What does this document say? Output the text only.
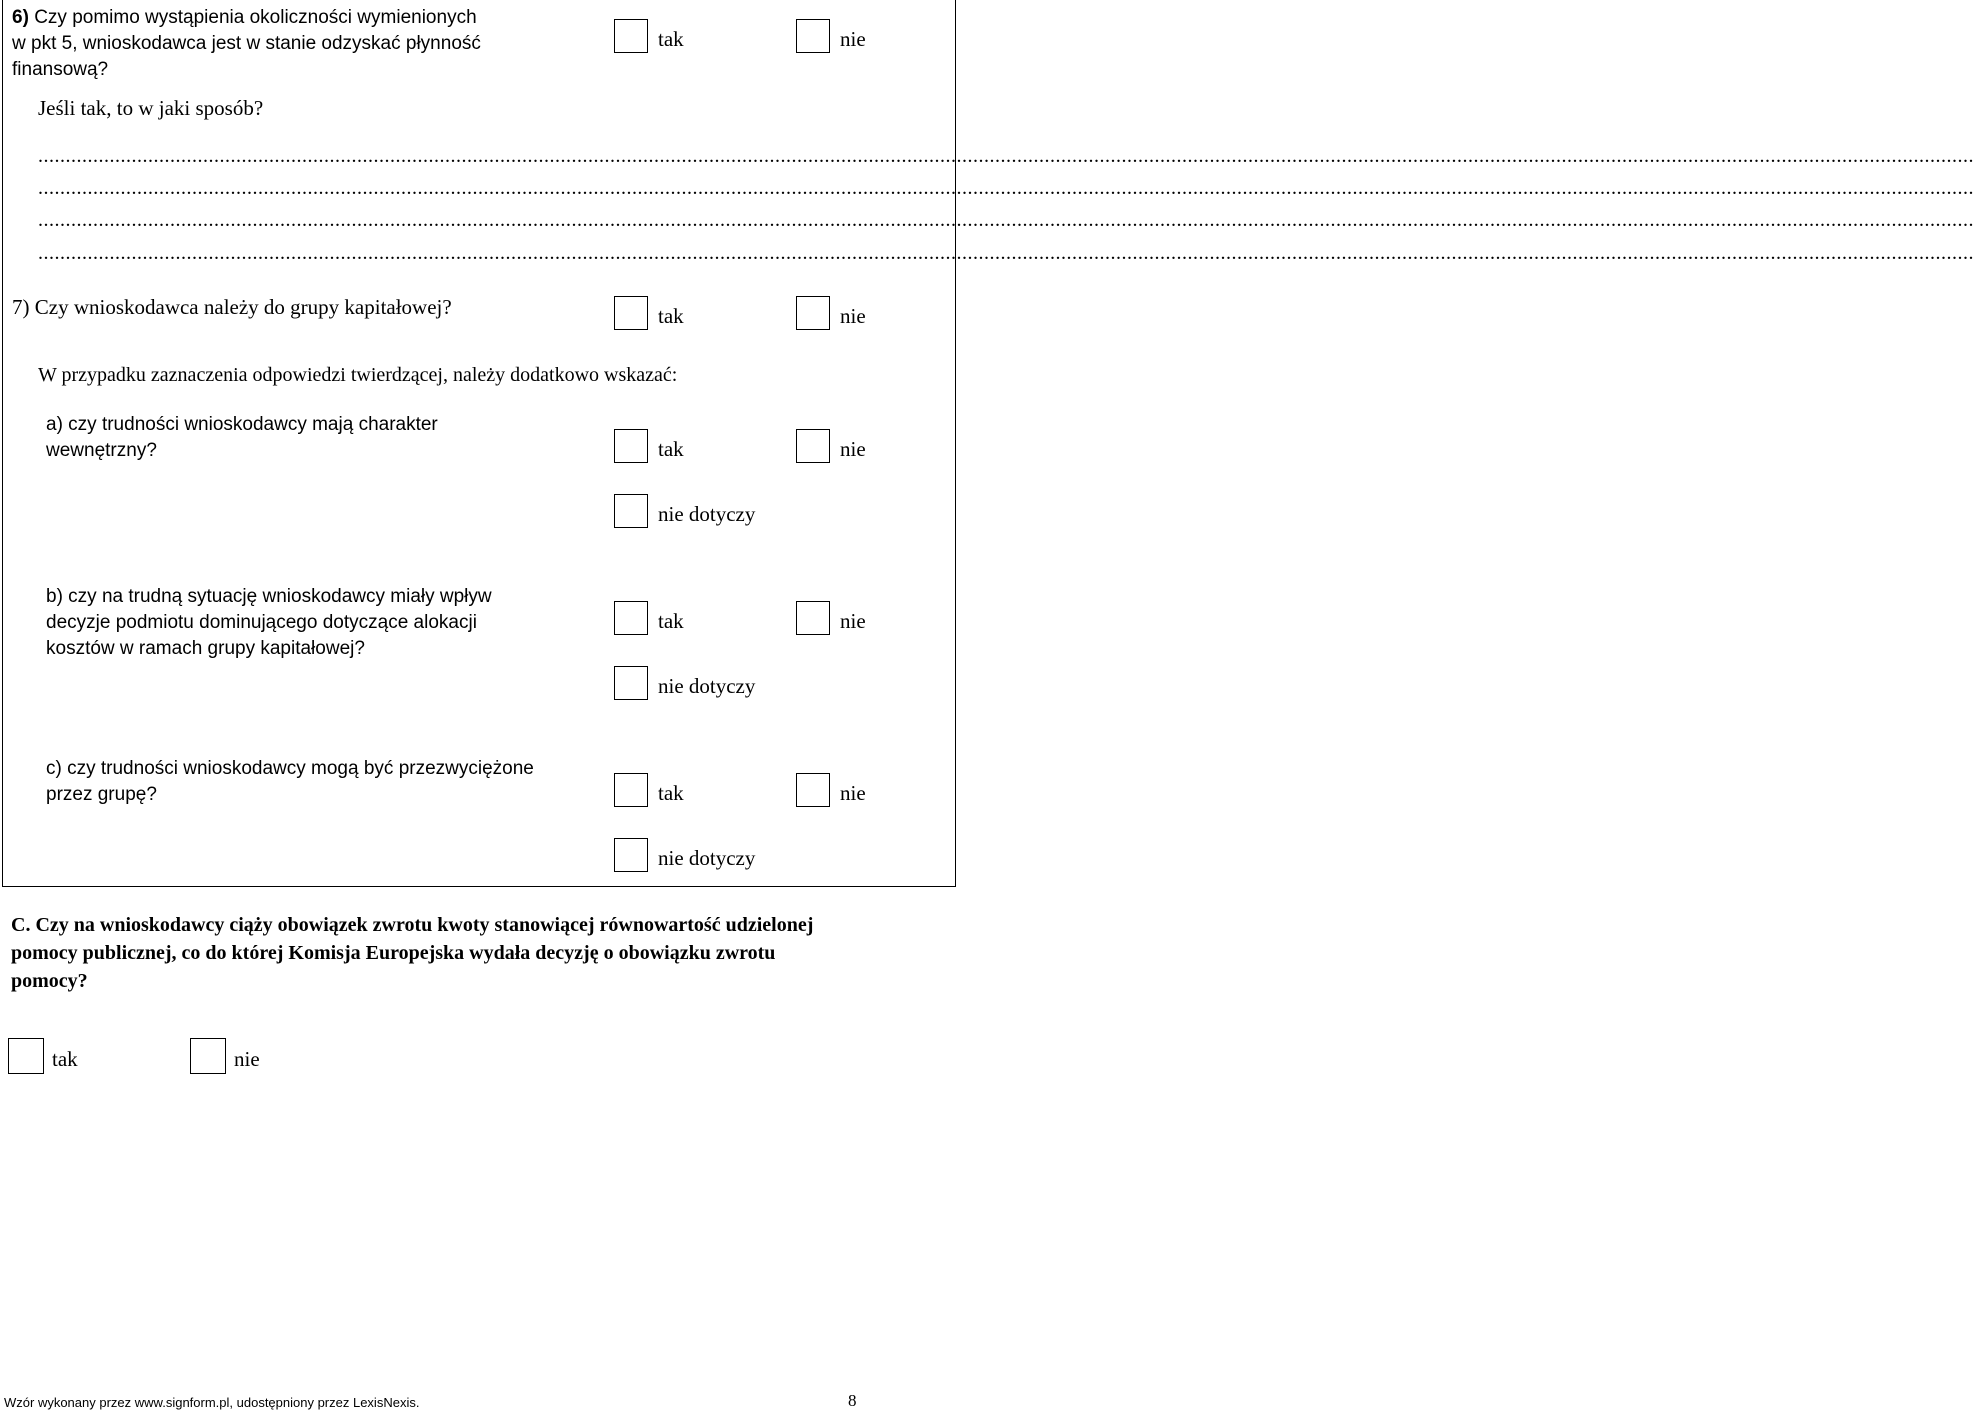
6) Czy pomimo wystąpienia okoliczności wymienionych
w pkt 5, wnioskodawca jest w stanie odzyskać płynność
finansową?
tak	nie
Jeśli tak, to w jaki sposób?
................................................................................................................................................................................................................................................................................................................................................................
................................................................................................................................................................................................................................................................................................................................................................
................................................................................................................................................................................................................................................................................................................................................................
................................................................................................................................................................................................................................................................................................................................................................
7) Czy wnioskodawca należy do grupy kapitałowej?	tak	nie
W przypadku zaznaczenia odpowiedzi twierdzącej, należy dodatkowo wskazać:
a) czy trudności wnioskodawcy mają charakter
wewnętrzny?	tak	nie
nie dotyczy
b) czy na trudną sytuację wnioskodawcy miały wpływ
decyzje podmiotu dominującego dotyczące alokacji
kosztów w ramach grupy kapitałowej?
tak	nie
nie dotyczy
c) czy trudności wnioskodawcy mogą być przezwyciężone
przez grupę?	tak	nie
nie dotyczy
C. Czy na wnioskodawcy ciąży obowiązek zwrotu kwoty stanowiącej równowartość udzielonej
pomocy publicznej, co do której Komisja Europejska wydała decyzję o obowiązku zwrotu
pomocy?
tak	nie
Wzór wykonany przez www.signform.pl, udostępniony przez LexisNexis.	8
